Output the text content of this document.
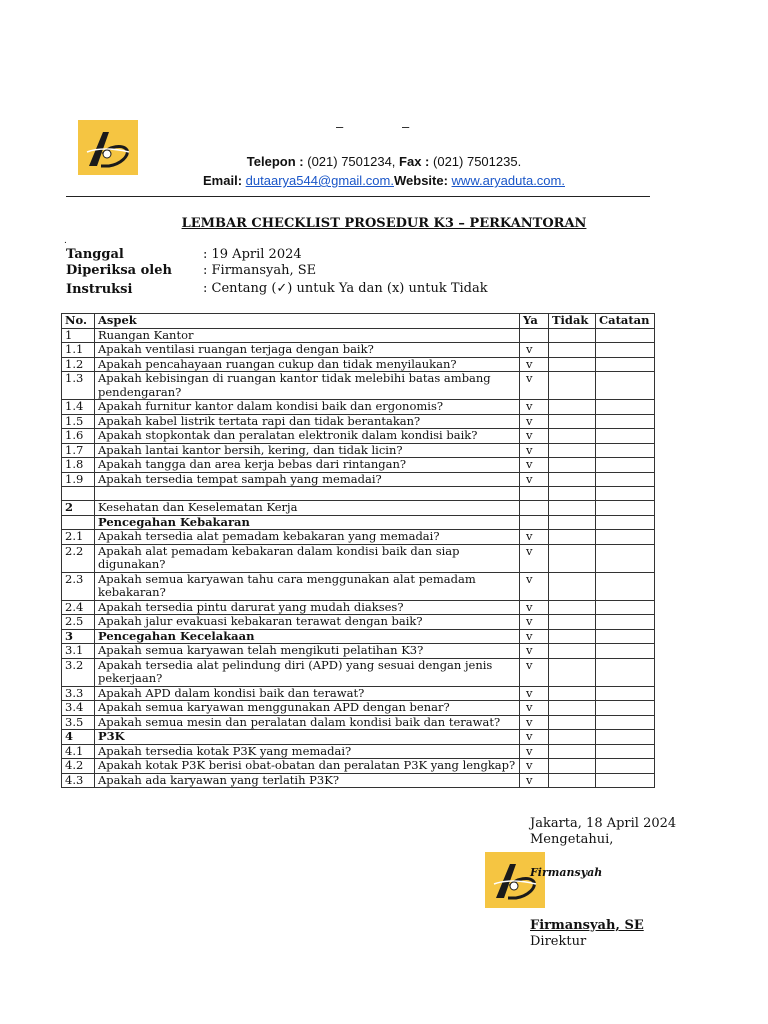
–	–
Telepon : (021) 7501234, Fax : (021) 7501235.
Email: dutaarya544@gmail.com.Website: www.aryaduta.com.
LEMBAR CHECKLIST PROSEDUR K3 – PERKANTORAN
.
Tanggal	: 19 April 2024
Diperiksa oleh : Firmansyah, SE
Instruksi	: Centang (✓) untuk Ya dan (x) untuk Tidak
No.	Aspek	Ya	Tidak	Catatan
1	Ruangan Kantor			
1.1	Apakah ventilasi ruangan terjaga dengan baik?	v		
1.2	Apakah pencahayaan ruangan cukup dan tidak menyilaukan?	v		
1.3	Apakah kebisingan di ruangan kantor tidak melebihi batas ambang pendengaran?	v		
1.4	Apakah furnitur kantor dalam kondisi baik dan ergonomis?	v		
1.5	Apakah kabel listrik tertata rapi dan tidak berantakan?	v		
1.6	Apakah stopkontak dan peralatan elektronik dalam kondisi baik?	v		
1.7	Apakah lantai kantor bersih, kering, dan tidak licin?	v		
1.8	Apakah tangga dan area kerja bebas dari rintangan?	v		
1.9	Apakah tersedia tempat sampah yang memadai?	v		

2	Kesehatan dan Keselematan Kerja			
	Pencegahan Kebakaran			
2.1	Apakah tersedia alat pemadam kebakaran yang memadai?	v		
2.2	Apakah alat pemadam kebakaran dalam kondisi baik dan siap digunakan?	v		
2.3	Apakah semua karyawan tahu cara menggunakan alat pemadam kebakaran?	v		
2.4	Apakah tersedia pintu darurat yang mudah diakses?	v		
2.5	Apakah jalur evakuasi kebakaran terawat dengan baik?	v		
3	Pencegahan Kecelakaan	v		
3.1	Apakah semua karyawan telah mengikuti pelatihan K3?	v		
3.2	Apakah tersedia alat pelindung diri (APD) yang sesuai dengan jenis pekerjaan?	v		
3.3	Apakah APD dalam kondisi baik dan terawat?	v		
3.4	Apakah semua karyawan menggunakan APD dengan benar?	v		
3.5	Apakah semua mesin dan peralatan dalam kondisi baik dan terawat?	v		
4	P3K	v		
4.1	Apakah tersedia kotak P3K yang memadai?	v		
4.2	Apakah kotak P3K berisi obat-obatan dan peralatan P3K yang lengkap?	v		
4.3	Apakah ada karyawan yang terlatih P3K?	v		
Jakarta, 18 April 2024
Mengetahui,
Firmansyah
Firmansyah, SE
Direktur
